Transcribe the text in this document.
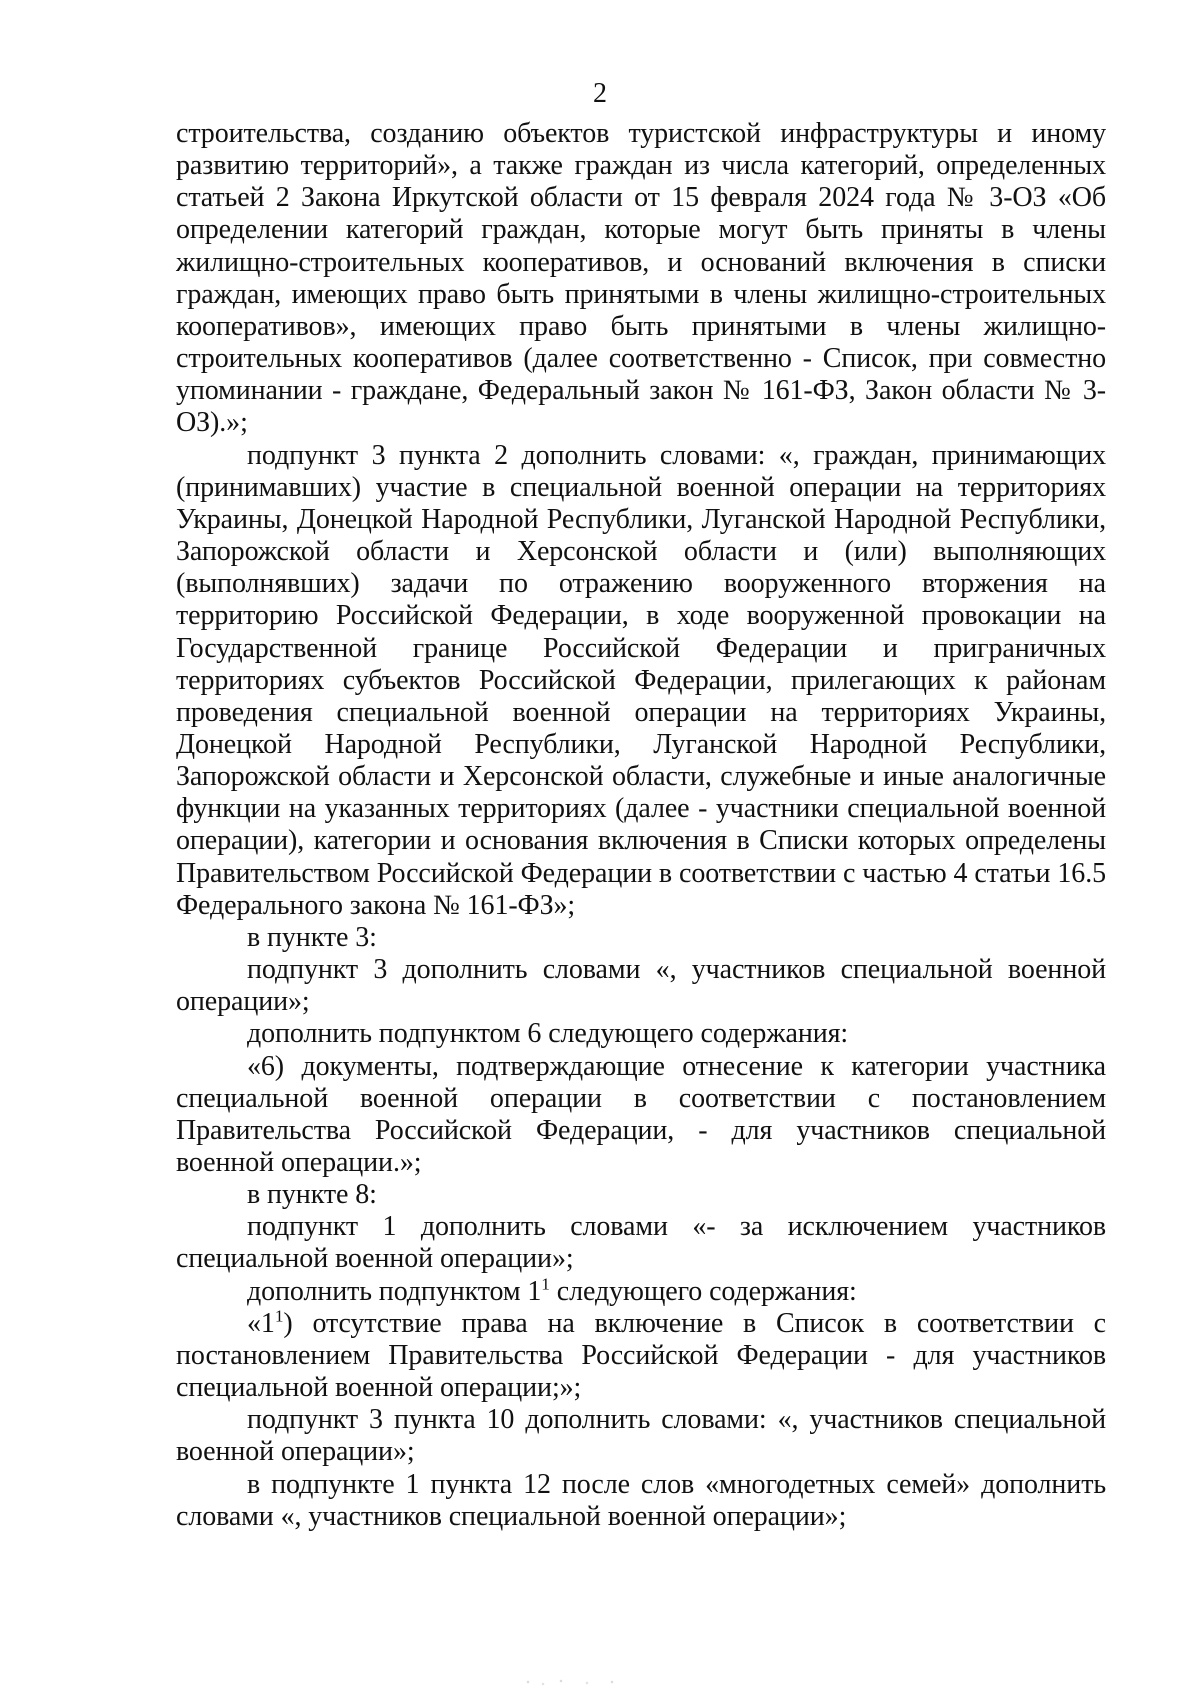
2

строительства, созданию объектов туристской инфраструктуры и иному развитию территорий», а также граждан из числа категорий, определенных статьей 2 Закона Иркутской области от 15 февраля 2024 года № 3-ОЗ «Об определении категорий граждан, которые могут быть приняты в члены жилищно-строительных кооперативов, и оснований включения в списки граждан, имеющих право быть принятыми в члены жилищно-строительных кооперативов», имеющих право быть принятыми в члены жилищно-строительных кооперативов (далее соответственно - Список, при совместно упоминании - граждане, Федеральный закон № 161-ФЗ, Закон области № 3-ОЗ).»;

подпункт 3 пункта 2 дополнить словами: «, граждан, принимающих (принимавших) участие в специальной военной операции на территориях Украины, Донецкой Народной Республики, Луганской Народной Республики, Запорожской области и Херсонской области и (или) выполняющих (выполнявших) задачи по отражению вооруженного вторжения на территорию Российской Федерации, в ходе вооруженной провокации на Государственной границе Российской Федерации и приграничных территориях субъектов Российской Федерации, прилегающих к районам проведения специальной военной операции на территориях Украины, Донецкой Народной Республики, Луганской Народной Республики, Запорожской области и Херсонской области, служебные и иные аналогичные функции на указанных территориях (далее - участники специальной военной операции), категории и основания включения в Списки которых определены Правительством Российской Федерации в соответствии с частью 4 статьи 16.5 Федерального закона № 161-ФЗ»;

в пункте 3:

подпункт 3 дополнить словами «, участников специальной военной операции»;

дополнить подпунктом 6 следующего содержания:

«6) документы, подтверждающие отнесение к категории участника специальной военной операции в соответствии с постановлением Правительства Российской Федерации, - для участников специальной военной операции.»;

в пункте 8:

подпункт 1 дополнить словами «- за исключением участников специальной военной операции»;

дополнить подпунктом $1^1$ следующего содержания:

«$1^1$) отсутствие права на включение в Список в соответствии с постановлением Правительства Российской Федерации - для участников специальной военной операции;»;

подпункт 3 пункта 10 дополнить словами: «, участников специальной военной операции»;

в подпункте 1 пункта 12 после слов «многодетных семей» дополнить словами «, участников специальной военной операции»;
